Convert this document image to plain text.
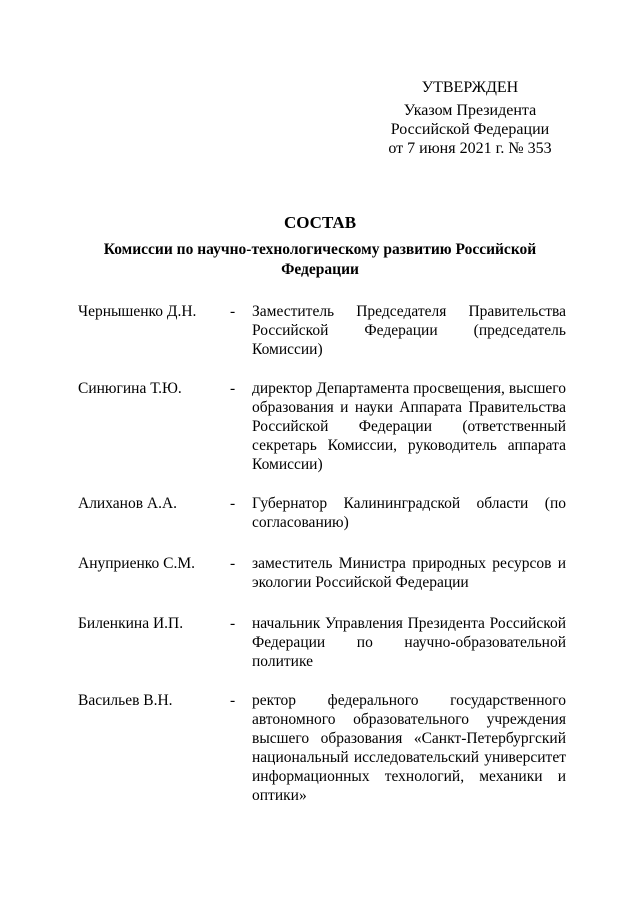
УТВЕРЖДЕН
Указом Президента
Российской Федерации
от 7 июня 2021 г. № 353
СОСТАВ
Комиссии по научно-технологическому развитию Российской Федерации
Чернышенко Д.Н. - Заместитель Председателя Правительства Российской Федерации (председатель Комиссии)
Синюгина Т.Ю.	- директор Департамента просвещения, высшего образования и науки Аппарата Правительства Российской Федерации (ответственный секретарь Комиссии, руководитель аппарата Комиссии)
Алиханов А.А.	- Губернатор Калининградской области (по согласованию)
Ануприенко С.М. - заместитель Министра природных ресурсов и экологии Российской Федерации
Биленкина И.П.	- начальник Управления Президента Российской Федерации по научно-образовательной политике
Васильев В.Н.	- ректор федерального государственного автономного образовательного учреждения высшего образования «Санкт-Петербургский национальный исследовательский университет информационных технологий, механики и оптики»
